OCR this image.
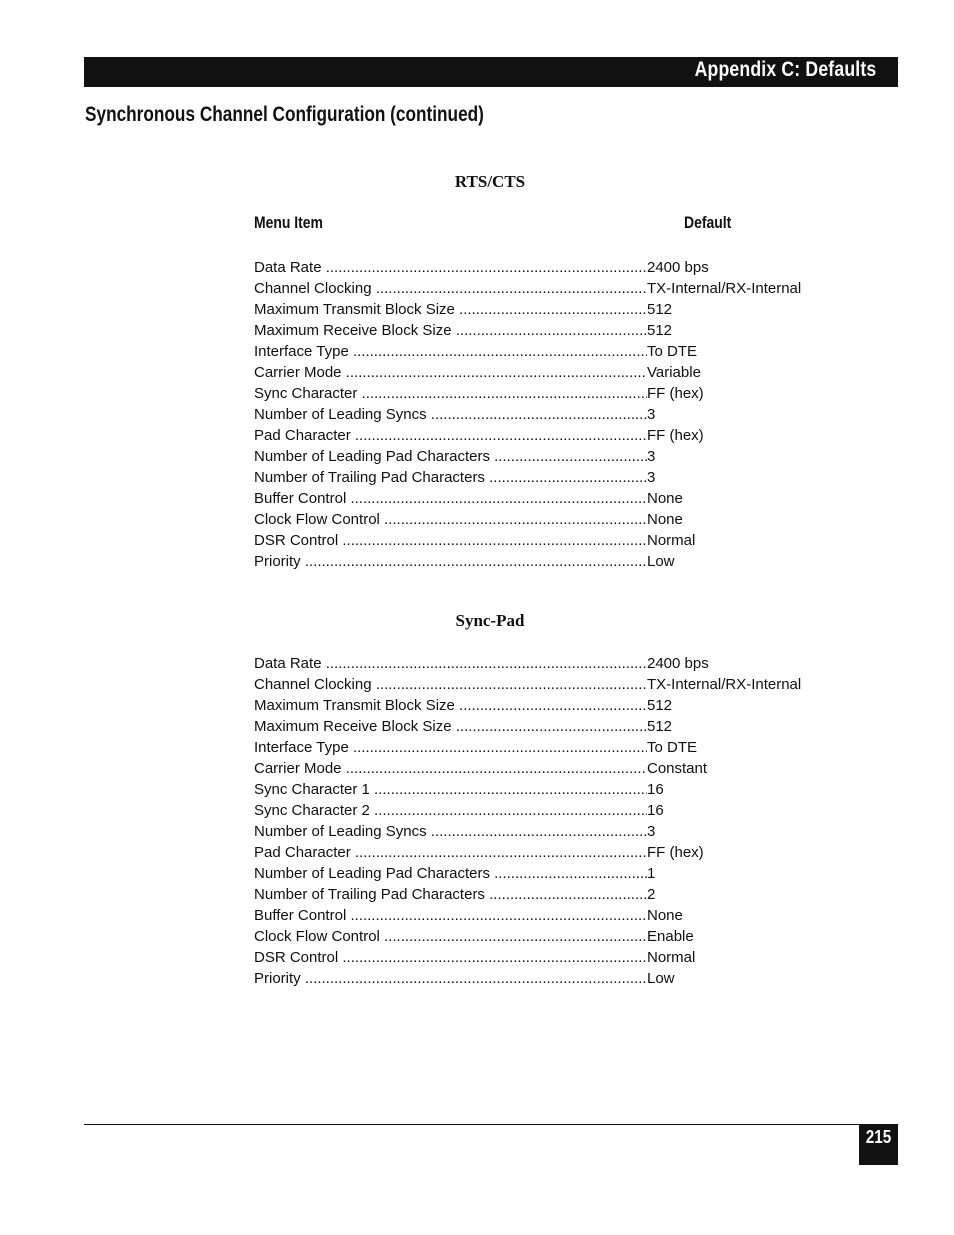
Appendix C: Defaults
Synchronous Channel Configuration (continued)
RTS/CTS
Menu Item	Default
Data Rate .....	2400 bps
Channel Clocking .....	TX-Internal/RX-Internal
Maximum Transmit Block Size .....	512
Maximum Receive Block Size .....	512
Interface Type .....	To DTE
Carrier Mode .....	Variable
Sync Character .....	FF (hex)
Number of Leading Syncs .....	3
Pad Character .....	FF (hex)
Number of Leading Pad Characters .....	3
Number of Trailing Pad Characters .....	3
Buffer Control .....	None
Clock Flow Control .....	None
DSR Control .....	Normal
Priority .....	Low
Sync-Pad
Data Rate .....	2400 bps
Channel Clocking .....	TX-Internal/RX-Internal
Maximum Transmit Block Size .....	512
Maximum Receive Block Size .....	512
Interface Type .....	To DTE
Carrier Mode .....	Constant
Sync Character 1 .....	16
Sync Character 2 .....	16
Number of Leading Syncs .....	3
Pad Character .....	FF (hex)
Number of Leading Pad Characters .....	1
Number of Trailing Pad Characters .....	2
Buffer Control .....	None
Clock Flow Control .....	Enable
DSR Control .....	Normal
Priority .....	Low
215
